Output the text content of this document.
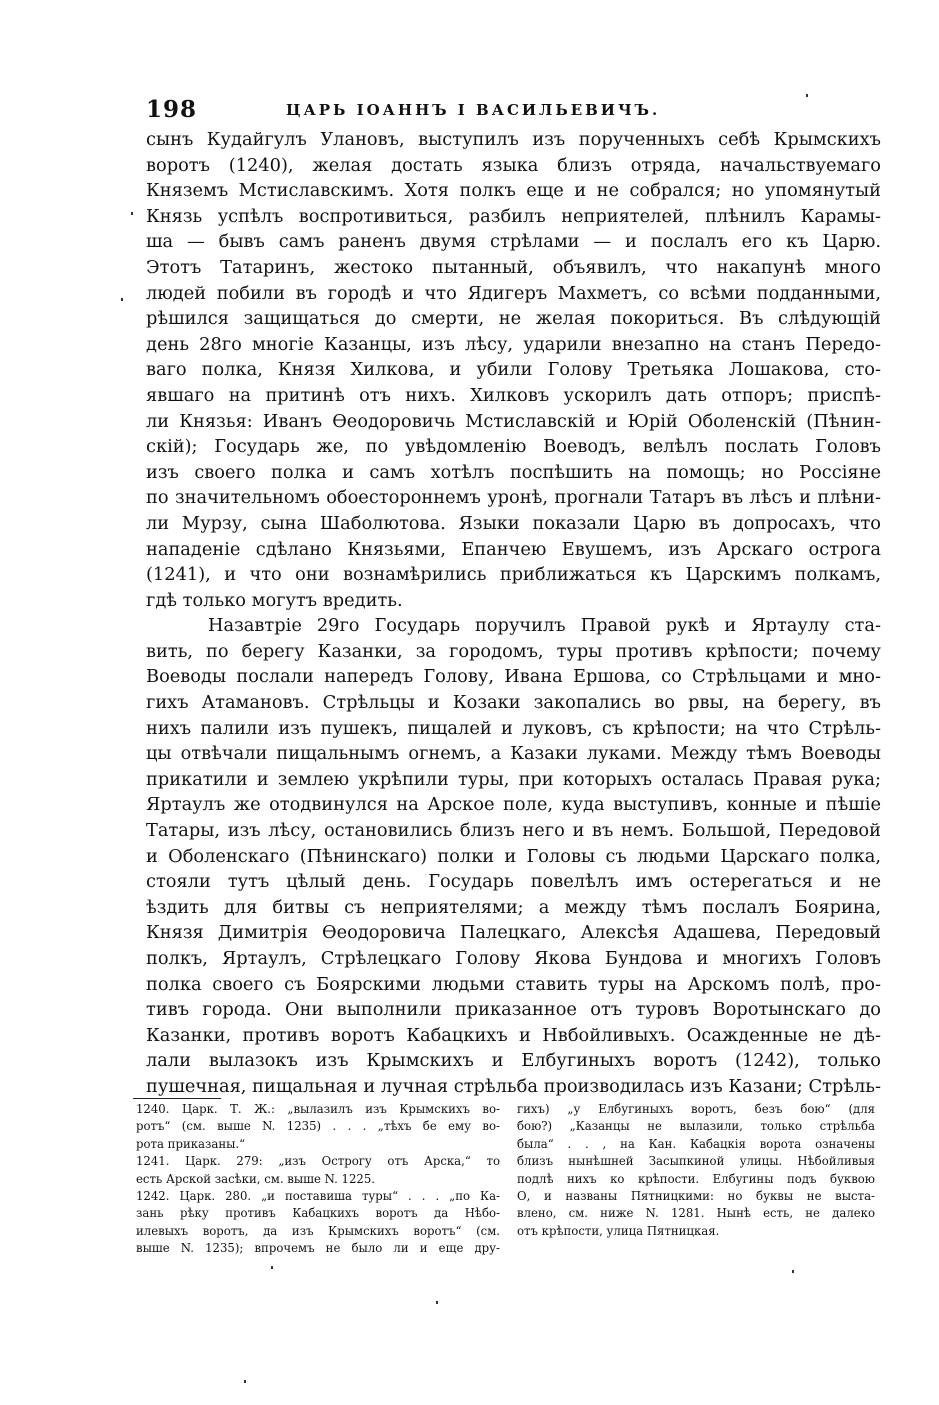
198	ЦАРЬ ІОАННЪ І ВАСИЛЬЕВИЧЪ.
сынъ Кудайгулъ Улановъ, выступилъ изъ порученныхъ себѣ Крымскихъ
воротъ (1240), желая достать языка близъ отряда, начальствуемаго
Княземъ Мстиславскимъ. Хотя полкъ еще и не собрался; но упомянутый
Князь успѣлъ воспротивиться, разбилъ неприятелей, плѣнилъ Карамы-
ша — бывъ самъ раненъ двумя стрѣлами — и послалъ его къ Царю.
Этотъ Татаринъ, жестоко пытанный, объявилъ, что накапунѣ много
людей побили въ городѣ и что Ядигеръ Махметъ, со всѣми подданными,
рѣшился защищаться до смерти, не желая покориться. Въ слѣдующій
день 28го многіе Казанцы, изъ лѣсу, ударили внезапно на станъ Передо-
ваго полка, Князя Хилкова, и убили Голову Третьяка Лошакова, сто-
явшаго на притинѣ отъ нихъ. Хилковъ ускорилъ дать отпоръ; приспѣ-
ли Князья: Иванъ Ѳеодоровичь Мстиславскій и Юрій Оболенскій (Пѣнин-
скій); Государь же, по увѣдомленію Воеводъ, велѣлъ послать Головъ
изъ своего полка и самъ хотѣлъ поспѣшить на помощь; но Россіяне
по значительномъ обоестороннемъ уронѣ, прогнали Татаръ въ лѣсъ и плѣни-
ли Мурзу, сына Шаболютова. Языки показали Царю въ допросахъ, что
нападеніе сдѣлано Князьями, Епанчею Евушемъ, изъ Арскаго острога
(1241), и что они вознамѣрились приближаться къ Царскимъ полкамъ,
гдѣ только могутъ вредить.
Назавтріе 29го Государь поручилъ Правой рукѣ и Яртаулу ста-
вить, по берегу Казанки, за городомъ, туры противъ крѣпости; почему
Воеводы послали напередъ Голову, Ивана Ершова, со Стрѣльцами и мно-
гихъ Атамановъ. Стрѣльцы и Козаки закопались во рвы, на берегу, въ
нихъ палили изъ пушекъ, пищалей и луковъ, съ крѣпости; на что Стрѣль-
цы отвѣчали пищальнымъ огнемъ, а Казаки луками. Между тѣмъ Воеводы
прикатили и землею укрѣпили туры, при которыхъ осталась Правая рука;
Яртаулъ же отодвинулся на Арское поле, куда выступивъ, конные и пѣшіе
Татары, изъ лѣсу, остановились близъ него и въ немъ. Большой, Передовой
и Оболенскаго (Пѣнинскаго) полки и Головы съ людьми Царскаго полка,
стояли тутъ цѣлый день. Государь повелѣлъ имъ остерегаться и не
ѣздить для битвы съ неприятелями; а между тѣмъ послалъ Боярина,
Князя Димитрія Ѳеодоровича Палецкаго, Алексѣя Адашева, Передовый
полкъ, Яртаулъ, Стрѣлецкаго Голову Якова Бундова и многихъ Головъ
полка своего съ Боярскими людьми ставить туры на Арскомъ полѣ, про-
тивъ города. Они выполнили приказанное отъ туровъ Воротынскаго до
Казанки, противъ воротъ Кабацкихъ и Нвбойливыхъ. Осажденные не дѣ-
лали вылазокъ изъ Крымскихъ и Елбугиныхъ воротъ (1242), только
пушечная, пищальная и лучная стрѣльба производилась изъ Казани; Стрѣль-
1240. Царк. Т. Ж.: „вылазилъ изъ Крымскихъ во-
ротъ“ (см. выше N. 1235) . . . „тѣхъ бе ему во-
рота приказаны.“
1241. Царк. 279: „изъ Острогу отъ Арска,“ то
есть Арской засѣки, см. выше N. 1225.
1242. Царк. 280. „и поставиша туры“ . . . „по Ка-
зань рѣку противъ Кабацкихъ воротъ да Нѣбо-
илевыхъ воротъ, да изъ Крымскихъ воротъ“ (см.
выше N. 1235); впрочемъ не было ли и еще дру-
гихъ) „у Елбугиныхъ воротъ, безъ бою“ (для
бою?) „Казанцы не вылазили, только стрѣльба
была“ . . , на Кан. Кабацкія ворота означены
близъ нынѣшней Засыпкиной улицы. Нѣбойливыя
подлѣ нихъ ко крѣпости. Елбугины подъ буквою
О, и названы Пятницкими: но буквы не выста-
влено, см. ниже N. 1281. Нынѣ есть, не далеко
отъ крѣпости, улица Пятницкая.
